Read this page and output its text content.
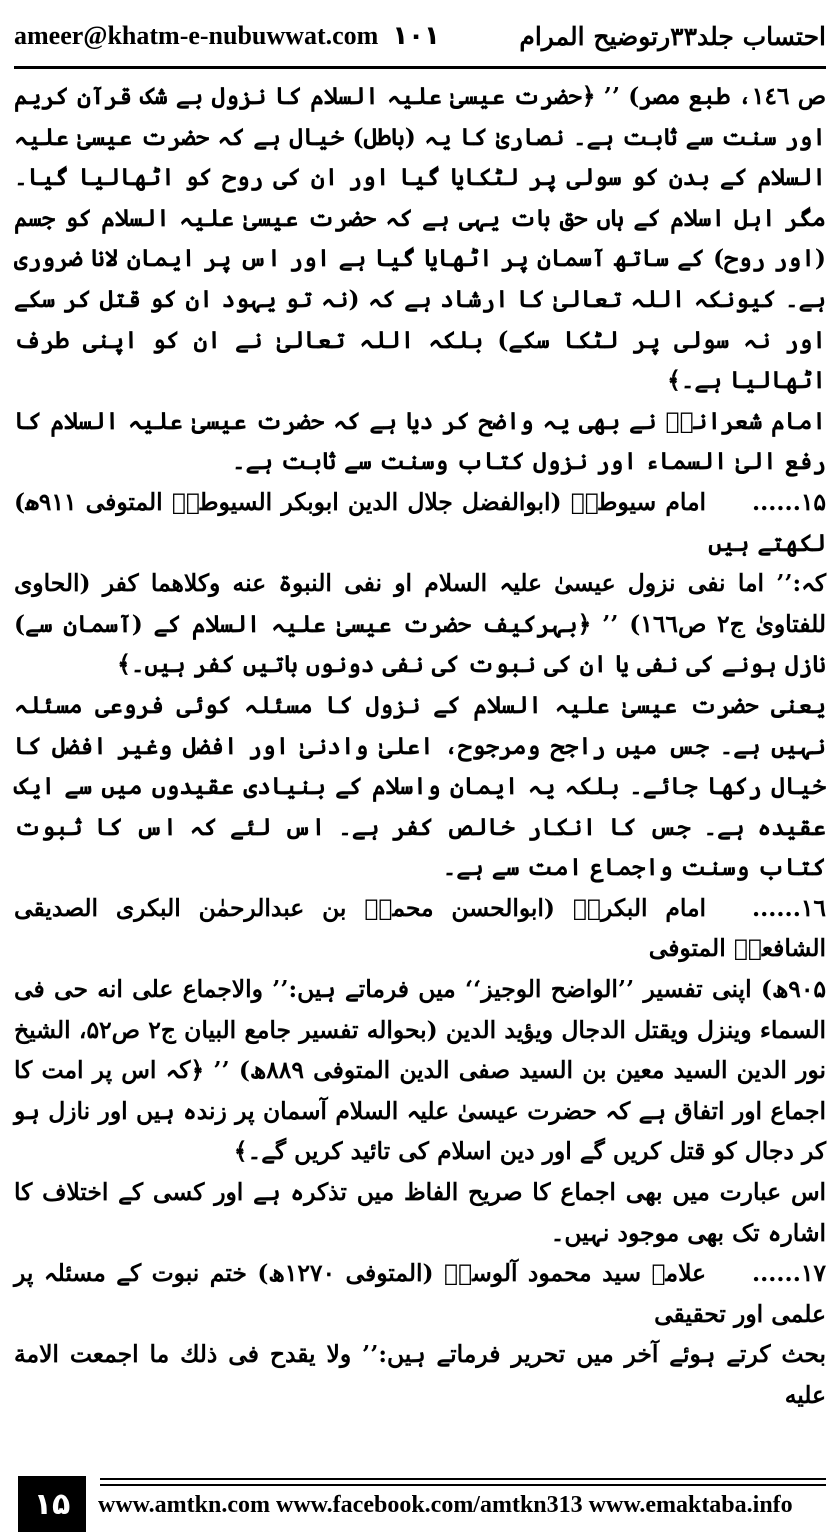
ameer@khatm-e-nubuwwat.com ۱۰۱	احتساب جلد۳۳رتوضیح المرام

ص ۱٤٦، طبع مصر) ’’ ﴿حضرت عیسیٰ علیہ السلام کا نزول بے شک قرآن کریم اور سنت سے ثابت ہے۔ نصاریٰ کا یہ (باطل) خیال ہے کہ حضرت عیسیٰ علیہ السلام کے بدن کو سولی پر لٹکایا گیا اور ان کی روح کو اٹھالیا گیا۔ مگر اہل اسلام کے ہاں حق بات یہی ہے کہ حضرت عیسیٰ علیہ السلام کو جسم (اور روح) کے ساتھ آسمان پر اٹھایا گیا ہے اور اس پر ایمان لانا ضروری ہے۔ کیونکہ اللہ تعالیٰ کا ارشاد ہے کہ (نہ تو یہود ان کو قتل کر سکے اور نہ سولی پر لٹکا سکے) بلکہ اللہ تعالیٰ نے ان کو اپنی طرف اٹھالیا ہے۔﴾

امام شعرانیؒ نے بھی یہ واضح کر دیا ہے کہ حضرت عیسیٰ علیہ السلام کا رفع الیٰ السماء اور نزول کتاب وسنت سے ثابت ہے۔

۱۵......امام سیوطیؒ (ابوالفضل جلال الدین ابوبکر السیوطیؒ المتوفی ۹۱۱ھ) لکھتے ہیں

کہ:’’ اما نفی نزول عیسیٰ علیہ السلام او نفی النبوۃ عنه وکلاهما کفر (الحاوی للفتاویٰ ج۲ ص۱٦٦) ’’ ﴿بہرکیف حضرت عیسیٰ علیہ السلام کے (آسمان سے) نازل ہونے کی نفی یا ان کی نبوت کی نفی دونوں باتیں کفر ہیں۔﴾

یعنی حضرت عیسیٰ علیہ السلام کے نزول کا مسئلہ کوئی فروعی مسئلہ نہیں ہے۔ جس میں راجح ومرجوح، اعلیٰ وادنیٰ اور افضل وغیر افضل کا خیال رکھا جائے۔ بلکہ یہ ایمان واسلام کے بنیادی عقیدوں میں سے ایک عقیدہ ہے۔ جس کا انکار خالص کفر ہے۔ اس لئے کہ اس کا ثبوت کتاب وسنت واجماع امت سے ہے۔

۱٦......امام البکریؒ (ابوالحسن محمدؒ بن عبدالرحمٰن البکری الصدیقی الشافعیؒ المتوفی

۹۰۵ھ) اپنی تفسیر ’’الواضح الوجیز‘‘ میں فرماتے ہیں:’’ والاجماع علی انه حی فی السماء وینزل ویقتل الدجال ویؤید الدین (بحواله تفسیر جامع البیان ج۲ ص۵۲، الشیخ نور الدین السید معین بن السید صفی الدین المتوفی ۸۸۹ھ) ’’ ﴿کہ اس پر امت کا اجماع اور اتفاق ہے کہ حضرت عیسیٰ علیہ السلام آسمان پر زندہ ہیں اور نازل ہو کر دجال کو قتل کریں گے اور دین اسلام کی تائید کریں گے۔﴾

اس عبارت میں بھی اجماع کا صریح الفاظ میں تذکرہ ہے اور کسی کے اختلاف کا اشارہ تک بھی موجود نہیں۔

۱۷......علامہ سید محمود آلوسیؒ (المتوفی ۱۲۷۰ھ) ختم نبوت کے مسئلہ پر علمی اور تحقیقی

بحث کرتے ہوئے آخر میں تحریر فرماتے ہیں:’’ ولا یقدح فی ذلك ما اجمعت الامة علیه

۱۵	www.amtkn.com www.facebook.com/amtkn313 www.emaktaba.info
